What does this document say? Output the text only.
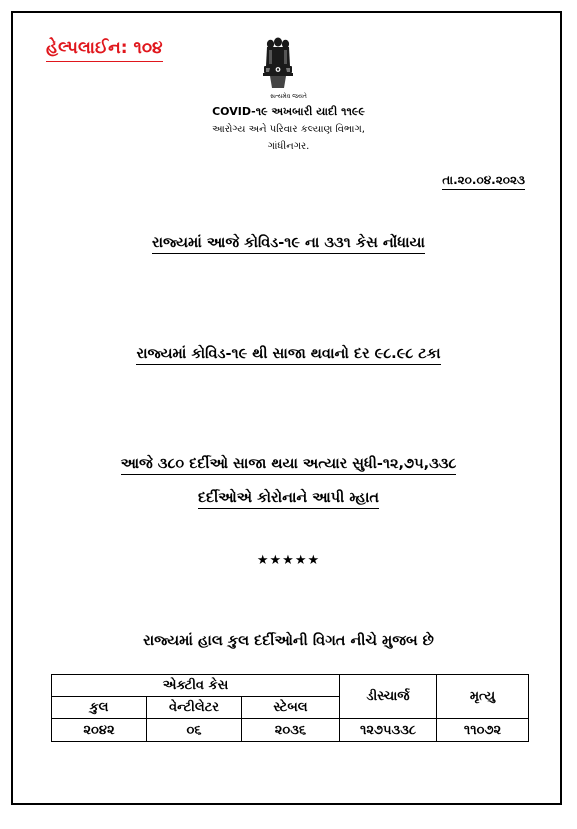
હેલ્પલાઈન: ૧૦૪
સત્યમેવ જયતે
COVID-૧૯ અખબારી યાદી ૧૧૯૯
આરોગ્ય અને પરિવાર કલ્યાણ વિભાગ,
ગાંધીનગર.
તા.૨૦.૦૪.૨૦૨૩
રાજ્યમાં આજે કોવિડ-૧૯ ના ૩૩૧ કેસ નોંધાયા
રાજ્યમાં કોવિડ-૧૯ થી સાજા થવાનો દર ૯૮.૯૮ ટકા
આજે ૩૮૦ દર્દીઓ સાજા થયા અત્યાર સુધી-૧૨,૭૫,૩૩૮
દર્દીઓએ કોરોનાને આપી મ્હાત
★★★★★
રાજ્યમાં હાલ કુલ દર્દીઓની વિગત નીચે મુજબ છે
એક્ટીવ કેસ			ડીસ્ચાર્જ	મૃત્યુ
કુલ	વેન્ટીલેટર	સ્ટેબલ		
૨૦૪૨	૦૬	૨૦૩૬	૧૨૭૫૩૩૮	૧૧૦૭૨
